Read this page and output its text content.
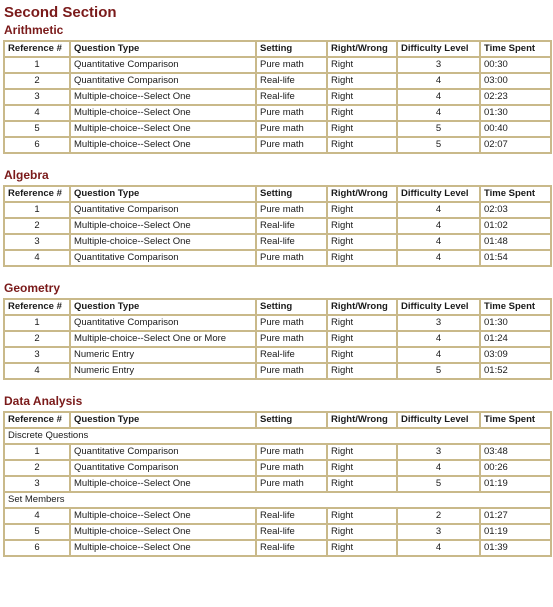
Second Section
Arithmetic
Reference #	Question Type	Setting	Right/Wrong	Difficulty Level	Time Spent
1	Quantitative Comparison	Pure math	Right	3	00:30
2	Quantitative Comparison	Real-life	Right	4	03:00
3	Multiple-choice--Select One	Real-life	Right	4	02:23
4	Multiple-choice--Select One	Pure math	Right	4	01:30
5	Multiple-choice--Select One	Pure math	Right	5	00:40
6	Multiple-choice--Select One	Pure math	Right	5	02:07
Algebra
Reference #	Question Type	Setting	Right/Wrong	Difficulty Level	Time Spent
1	Quantitative Comparison	Pure math	Right	4	02:03
2	Multiple-choice--Select One	Real-life	Right	4	01:02
3	Multiple-choice--Select One	Real-life	Right	4	01:48
4	Quantitative Comparison	Pure math	Right	4	01:54
Geometry
Reference #	Question Type	Setting	Right/Wrong	Difficulty Level	Time Spent
1	Quantitative Comparison	Pure math	Right	3	01:30
2	Multiple-choice--Select One or More	Pure math	Right	4	01:24
3	Numeric Entry	Real-life	Right	4	03:09
4	Numeric Entry	Pure math	Right	5	01:52
Data Analysis
Reference #	Question Type	Setting	Right/Wrong	Difficulty Level	Time Spent
Discrete Questions					
1	Quantitative Comparison	Pure math	Right	3	03:48
2	Quantitative Comparison	Pure math	Right	4	00:26
3	Multiple-choice--Select One	Pure math	Right	5	01:19
Set Members					
4	Multiple-choice--Select One	Real-life	Right	2	01:27
5	Multiple-choice--Select One	Real-life	Right	3	01:19
6	Multiple-choice--Select One	Real-life	Right	4	01:39
